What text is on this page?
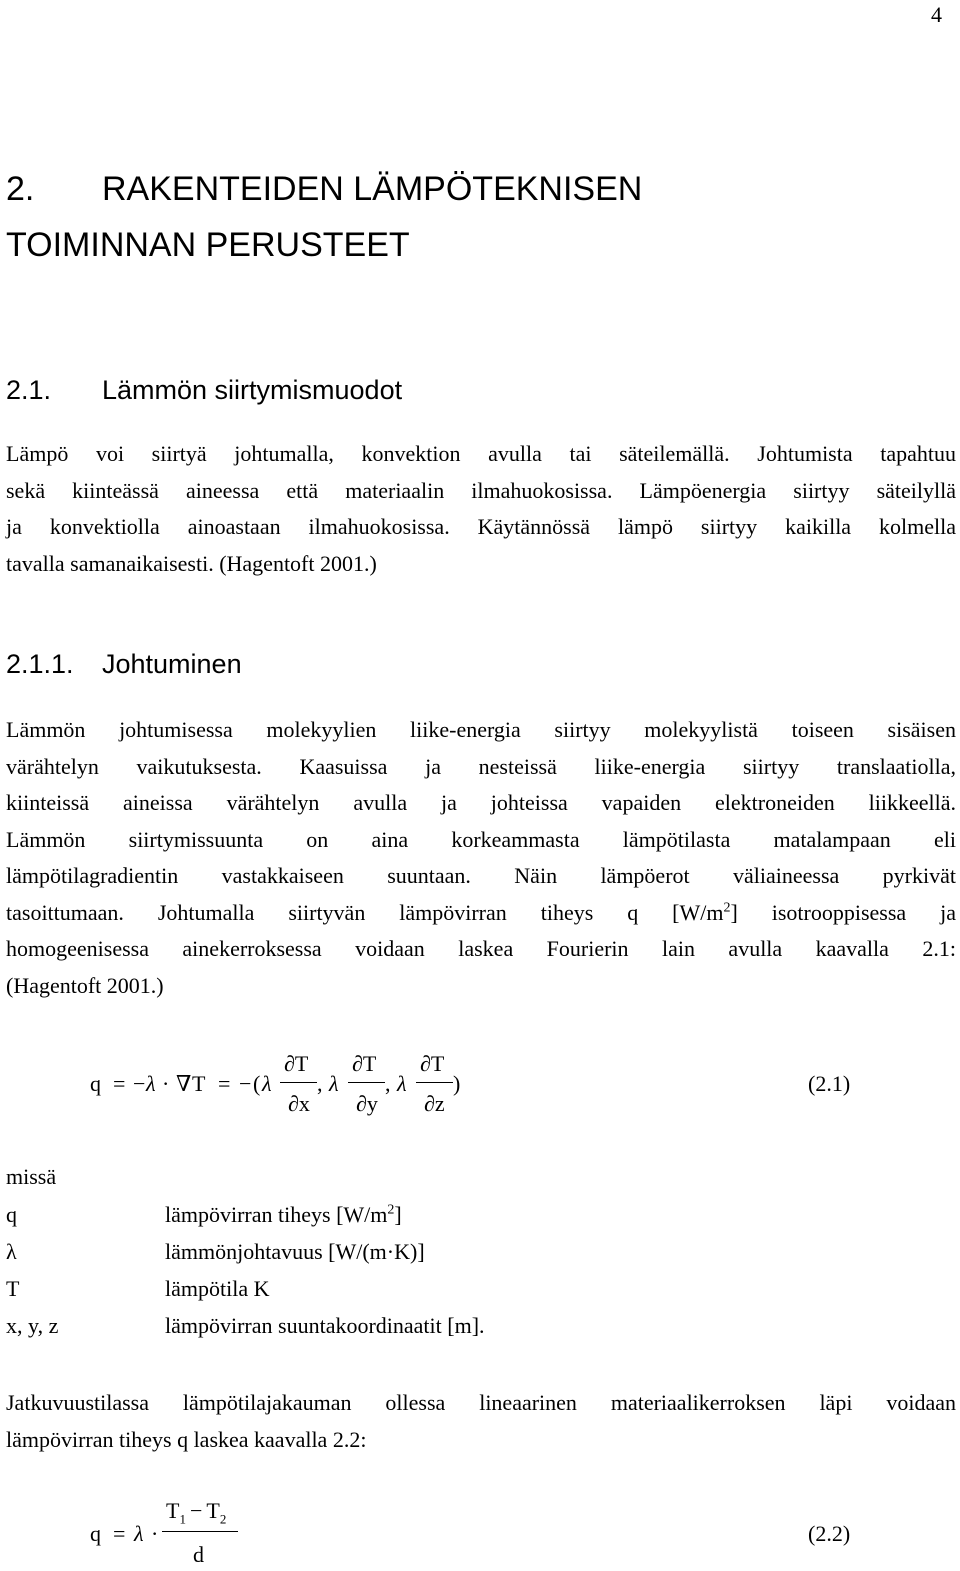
4
2. RAKENTEIDEN LÄMPÖTEKNISEN
TOIMINNAN PERUSTEET
2.1. Lämmön siirtymismuodot
Lämpö voi siirtyä johtumalla, konvektion avulla tai säteilemällä. Johtumista tapahtuu
sekä kiinteässä aineessa että materiaalin ilmahuokosissa. Lämpöenergia siirtyy säteilyllä
ja konvektiolla ainoastaan ilmahuokosissa. Käytännössä lämpö siirtyy kaikilla kolmella
tavalla samanaikaisesti. (Hagentoft 2001.)
2.1.1. Johtuminen
Lämmön johtumisessa molekyylien liike-energia siirtyy molekyylistä toiseen sisäisen
värähtelyn vaikutuksesta. Kaasuissa ja nesteissä liike-energia siirtyy translaatiolla,
kiinteissä aineissa värähtelyn avulla ja johteissa vapaiden elektroneiden liikkeellä.
Lämmön siirtymissuunta on aina korkeammasta lämpötilasta matalampaan eli
lämpötilagradientin vastakkaiseen suuntaan. Näin lämpöerot väliaineessa pyrkivät
tasoittumaan. Johtumalla siirtyvän lämpövirran tiheys q $[W/m^2]$ isotrooppisessa ja
homogeenisessa ainekerroksessa voidaan laskea Fourierin lain avulla kaavalla 2.1:
(Hagentoft 2001.)
q = − λ · ∇ T = − ( λ
∂T
∂x
, λ
∂T
∂y
, λ
∂T
∂z
)	(2.1)
missä
q	lämpövirran tiheys $[W/m^2]$
λ	lämmönjohtavuus [W/(m·K)]
T	lämpötila K
x, y, z	lämpövirran suuntakoordinaatit [m].
Jatkuvuustilassa lämpötilajakauman ollessa lineaarinen materiaalikerroksen läpi voidaan
lämpövirran tiheys q laskea kaavalla 2.2:
q = λ ·
$T_1 - T_2$
d
(2.2)
